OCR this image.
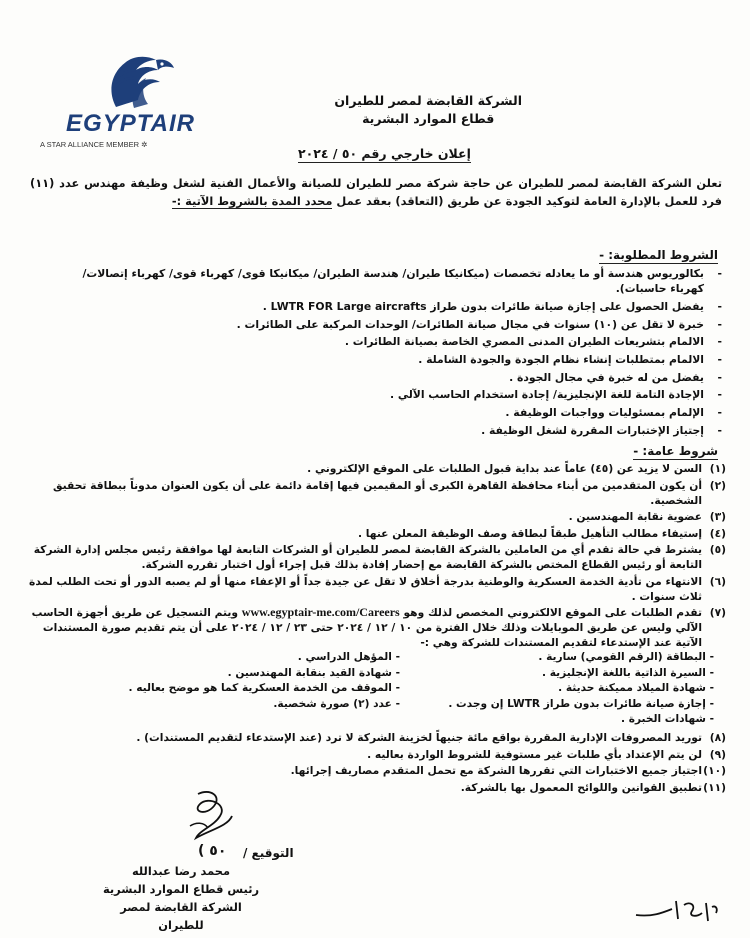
EGYPTAIR
A STAR ALLIANCE MEMBER ✲
الشركة القابضة لمصر للطيران
قطاع الموارد البشرية
إعلان خارجي رقم ٥٠ / ٢٠٢٤
تعلن الشركة القابضة لمصر للطيران عن حاجة شركة مصر للطيران للصيانة والأعمال الفنية لشغل وظيفة مهندس عدد (١١) فرد للعمل بالإدارة العامة لتوكيد الجودة عن طريق (التعاقد) بعقد عمل محدد المدة بالشروط الآتية :-
الشروط المطلوبة: -
- بكالوريوس هندسة أو ما يعادله تخصصات (ميكانيكا طيران/ هندسة الطيران/ ميكانيكا قوى/ كهرباء قوى/ كهرباء إتصالات/ كهرباء حاسبات).
- يفضل الحصول على إجازة صيانة طائرات بدون طراز LWTR FOR Large aircrafts .
- خبرة لا تقل عن (١٠) سنوات في مجال صيانة الطائرات/ الوحدات المركبة على الطائرات .
- الالمام بتشريعات الطيران المدنى المصري الخاصة بصيانة الطائرات .
- الالمام بمتطلبات إنشاء نظام الجودة والجودة الشاملة .
- يفضل من له خبرة في مجال الجودة .
- الإجادة التامة للغة الإنجليزية/ إجادة استخدام الحاسب الآلي .
- الإلمام بمسئوليات وواجبات الوظيفة .
- إجتياز الإختبارات المقررة لشغل الوظيفة .
شروط عامة: -
(١)
السن لا يزيد عن (٤٥) عاماً عند بداية قبول الطلبات على الموقع الإلكتروني .
(٢)
أن يكون المتقدمين من أبناء محافظة القاهرة الكبرى أو المقيمين فيها إقامة دائمة على أن يكون العنوان مدوناً ببطاقة تحقيق الشخصية.
(٣)
عضوية نقابة المهندسين .
(٤)
إستيفاء مطالب التأهيل طبقاً لبطاقة وصف الوظيفة المعلن عنها .
(٥)
يشترط في حالة تقدم أي من العاملين بالشركة القابضة لمصر للطيران أو الشركات التابعة لها موافقة رئيس مجلس إدارة الشركة التابعة أو رئيس القطاع المختص بالشركة القابضة مع إحضار إفادة بذلك قبل إجراء أول اختبار تقرره الشركة.
(٦)
الانتهاء من تأدية الخدمة العسكرية والوطنية بدرجة أخلاق لا تقل عن جيدة جداً أو الإعفاء منها أو لم يصبه الدور أو تحت الطلب لمدة ثلاث سنوات .
(٧)
تقدم الطلبات على الموقع الالكتروني المخصص لذلك وهو www.egyptair-me.com/Careers ويتم التسجيل عن طريق أجهزة الحاسب الآلي وليس عن طريق الموبايلات وذلك خلال الفترة من ١٠ / ١٢ / ٢٠٢٤ حتى ٢٣ / ١٢ / ٢٠٢٤ على أن يتم تقديم صورة المستندات الآتية عند الإستدعاء لتقديم المستندات للشركة وهي :-
- البطاقة (الرقم القومي) سارية .
- السيرة الذاتية باللغة الإنجليزية .
- شهادة الميلاد مميكنة حديثة .
- إجازة صيانة طائرات بدون طراز LWTR إن وجدت .
- شهادات الخبرة .
- المؤهل الدراسي .
- شهادة القيد بنقابة المهندسين .
- الموقف من الخدمة العسكرية كما هو موضح بعاليه .
- عدد (٢) صورة شخصية.
(٨)
توريد المصروفات الإدارية المقررة بواقع مائة جنيهاً لخزينة الشركة لا ترد (عند الإستدعاء لتقديم المستندات) .
(٩)
لن يتم الإعتداد بأي طلبات غير مستوفية للشروط الواردة بعاليه .
(١٠)
اجتياز جميع الاختبارات التي تقررها الشركة مع تحمل المتقدم مصاريف إجرائها.
(١١)
تطبيق القوانين واللوائح المعمول بها بالشركة.
التوقيع /
( ٥٠
محمد رضا عبدالله
رئيس قطاع الموارد البشرية
الشركة القابضة لمصر للطيران
